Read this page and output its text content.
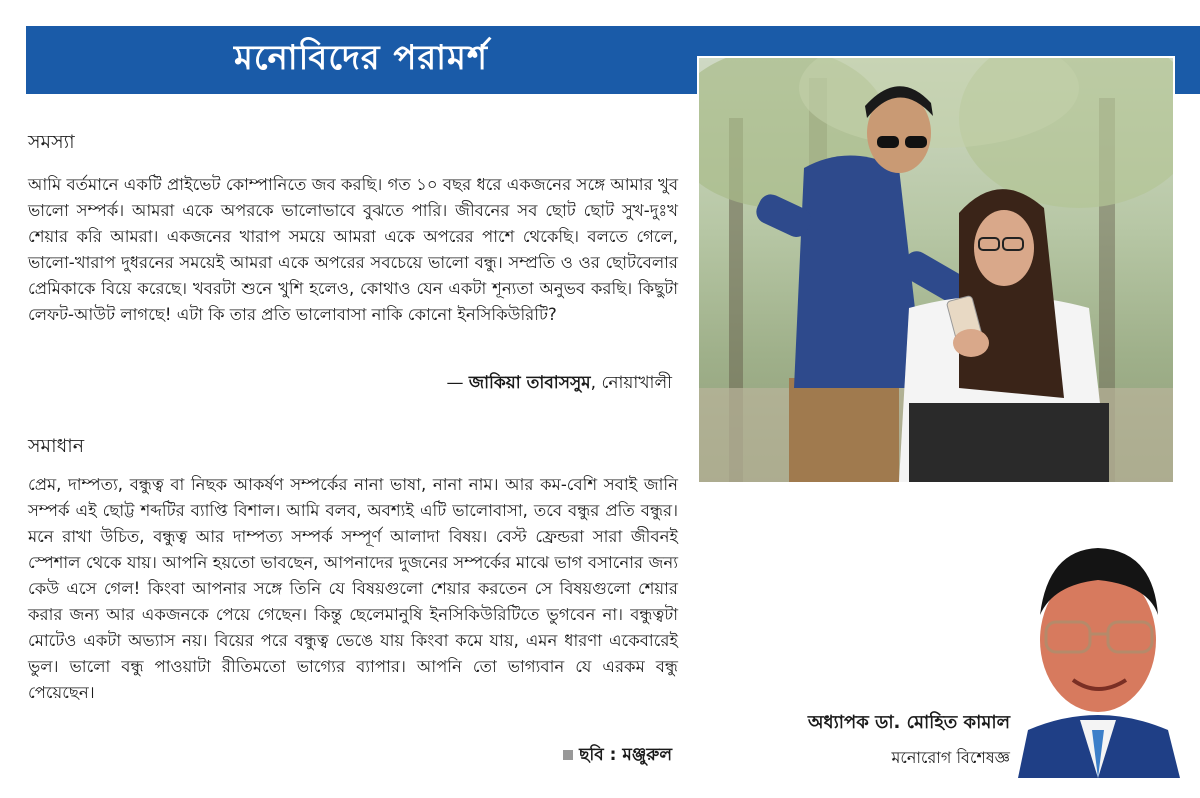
মনোবিদের পরামর্শ
সমস্যা
আমি বর্তমানে একটি প্রাইভেট কোম্পানিতে জব করছি। গত ১০ বছর ধরে একজনের সঙ্গে আমার খুব ভালো সম্পর্ক। আমরা একে অপরকে ভালোভাবে বুঝতে পারি। জীবনের সব ছোট ছোট সুখ-দুঃখ শেয়ার করি আমরা। একজনের খারাপ সময়ে আমরা একে অপরের পাশে থেকেছি। বলতে গেলে, ভালো-খারাপ দুধরনের সময়েই আমরা একে অপরের সবচেয়ে ভালো বন্ধু। সম্প্রতি ও ওর ছোটবেলার প্রেমিকাকে বিয়ে করেছে। খবরটা শুনে খুশি হলেও, কোথাও যেন একটা শূন্যতা অনুভব করছি। কিছুটা লেফট-আউট লাগছে! এটা কি তার প্রতি ভালোবাসা নাকি কোনো ইনসিকিউরিটি?
— জাকিয়া তাবাসসুম, নোয়াখালী
সমাধান
প্রেম, দাম্পত্য, বন্ধুত্ব বা নিছক আকর্ষণ সম্পর্কের নানা ভাষা, নানা নাম। আর কম-বেশি সবাই জানি সম্পর্ক এই ছোট্ট শব্দটির ব্যাপ্তি বিশাল। আমি বলব, অবশ্যই এটি ভালোবাসা, তবে বন্ধুর প্রতি বন্ধুর। মনে রাখা উচিত, বন্ধুত্ব আর দাম্পত্য সম্পর্ক সম্পূর্ণ আলাদা বিষয়। বেস্ট ফ্রেন্ডরা সারা জীবনই স্পেশাল থেকে যায়। আপনি হয়তো ভাবছেন, আপনাদের দুজনের সম্পর্কের মাঝে ভাগ বসানোর জন্য কেউ এসে গেল! কিংবা আপনার সঙ্গে তিনি যে বিষয়গুলো শেয়ার করতেন সে বিষয়গুলো শেয়ার করার জন্য আর একজনকে পেয়ে গেছেন। কিন্তু ছেলেমানুষি ইনসিকিউরিটিতে ভুগবেন না। বন্ধুত্বটা মোটেও একটা অভ্যাস নয়। বিয়ের পরে বন্ধুত্ব ভেঙে যায় কিংবা কমে যায়, এমন ধারণা একেবারেই ভুল। ভালো বন্ধু পাওয়াটা রীতিমতো ভাগ্যের ব্যাপার। আপনি তো ভাগ্যবান যে এরকম বন্ধু পেয়েছেন।
ছবি : মঞ্জুরুল
অধ্যাপক ডা. মোহিত কামাল
মনোরোগ বিশেষজ্ঞ
